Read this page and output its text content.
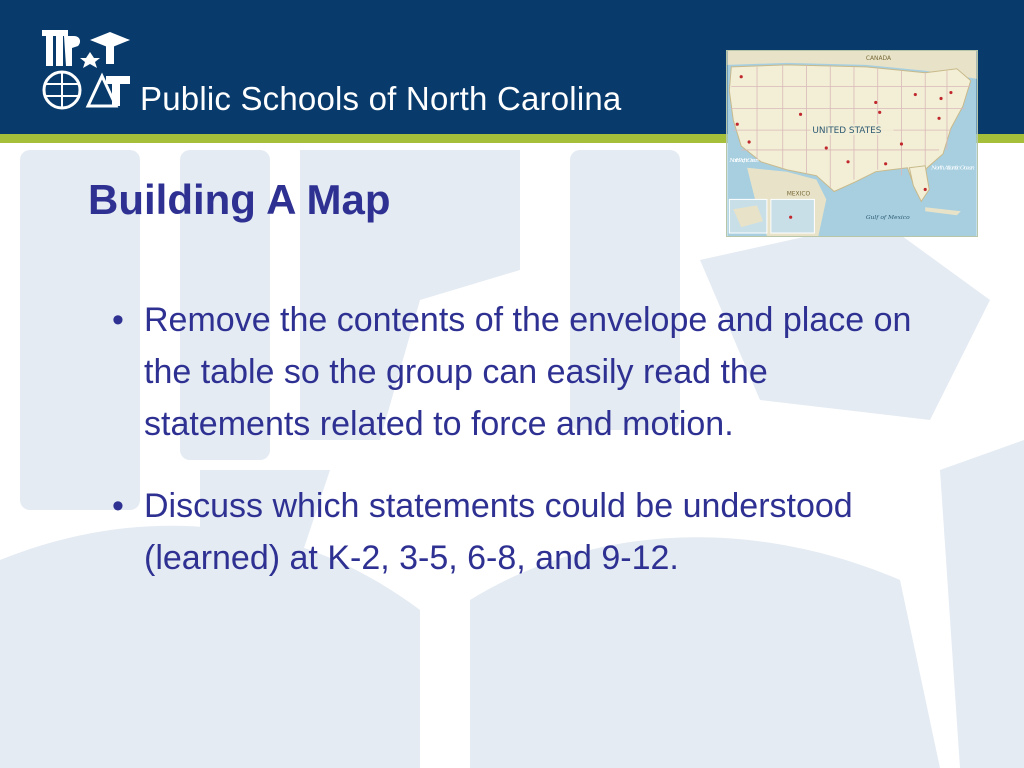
Public Schools of North Carolina
UNITED STATES
CANADA
MEXICO
North Atlantic Ocean
North Pacific Ocean
Gulf of Mexico
Building A Map
• Remove the contents of the envelope and place on the table so the group can easily read the statements related to force and motion.
• Discuss which statements could be understood (learned) at K-2, 3-5, 6-8, and 9-12.
